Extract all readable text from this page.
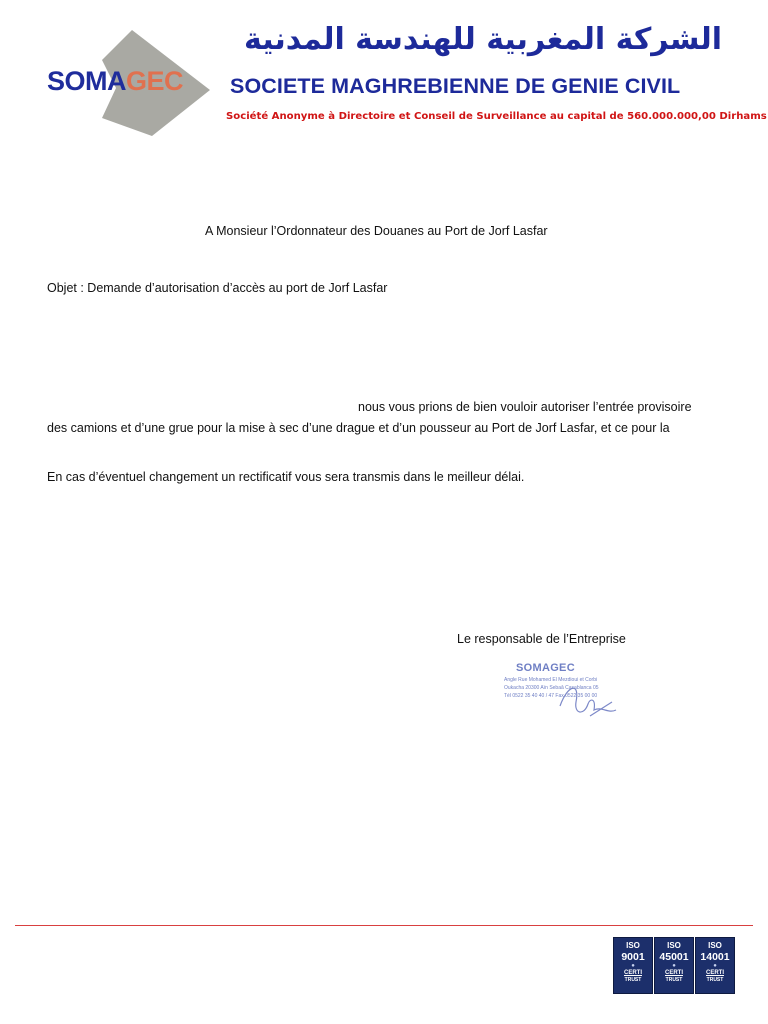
SOMAGEC
الشركة المغربية للهندسة المدنية
SOCIETE MAGHREBIENNE DE GENIE CIVIL
Société Anonyme à Directoire et Conseil de Surveillance au capital de 560.000.000,00 Dirhams
A Monsieur l’Ordonnateur des Douanes au Port de Jorf Lasfar
Objet : Demande d’autorisation d’accès au port de Jorf Lasfar
nous vous prions de bien vouloir autoriser l’entrée provisoire
des camions et d’une grue pour la mise à sec d’une drague et d’un pousseur au Port de Jorf Lasfar, et ce pour la
En cas d’éventuel changement un rectificatif vous sera transmis dans le meilleur délai.
Le responsable de l’Entreprise
SOMAGEC
Angle Rue Mohamed El Mezdioui et Corbi
Oukacha 20300 Aïn Sebaâ Casablanca 05
Tél 0522 35 40 40 / 47 Fax 0522 35 00 00
ISO
9001
●
CERTI
TRUST
ISO
45001
●
CERTI
TRUST
ISO
14001
●
CERTI
TRUST
